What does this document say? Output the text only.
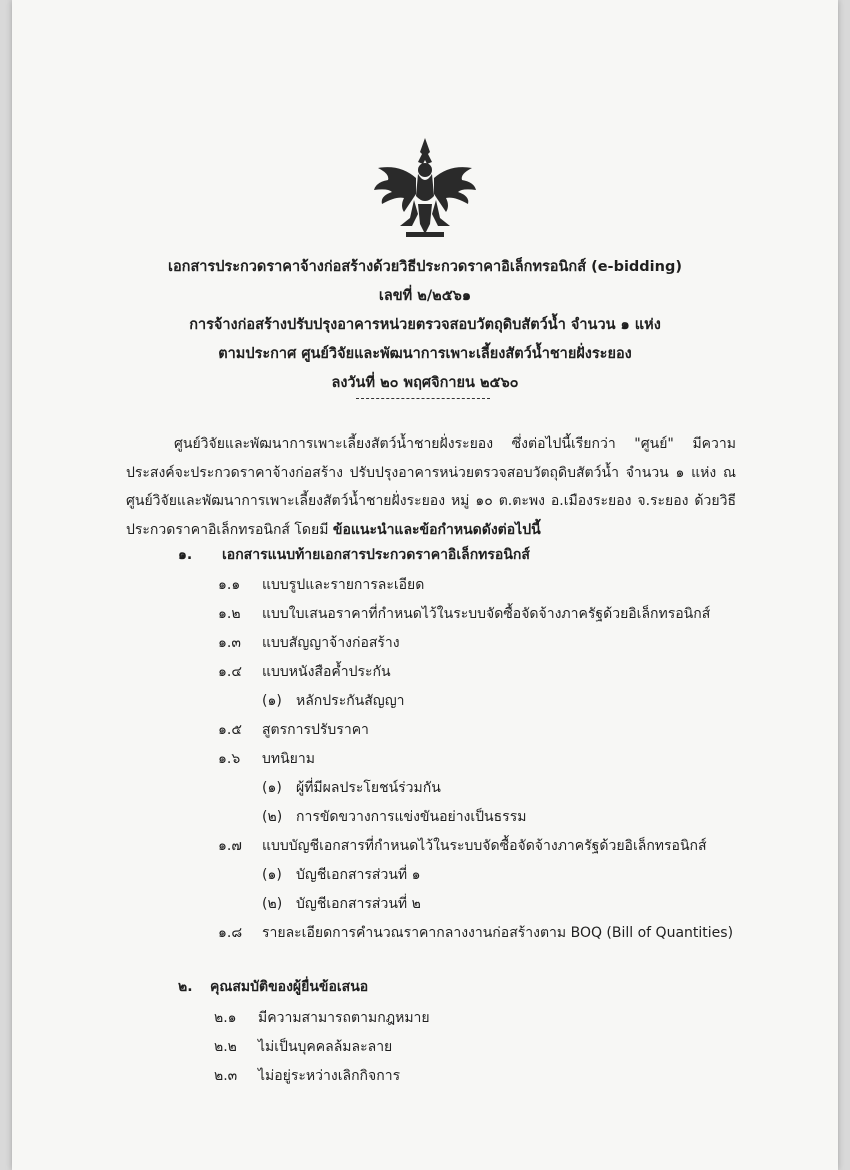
เอกสารประกวดราคาจ้างก่อสร้างด้วยวิธีประกวดราคาอิเล็กทรอนิกส์ (e-bidding)
เลขที่ ๒/๒๕๖๑
การจ้างก่อสร้างปรับปรุงอาคารหน่วยตรวจสอบวัตถุดิบสัตว์น้ำ จำนวน ๑ แห่ง
ตามประกาศ ศูนย์วิจัยและพัฒนาการเพาะเลี้ยงสัตว์น้ำชายฝั่งระยอง
ลงวันที่ ๒๐ พฤศจิกายน ๒๕๖๐
ศูนย์วิจัยและพัฒนาการเพาะเลี้ยงสัตว์น้ำชายฝั่งระยอง ซึ่งต่อไปนี้เรียกว่า "ศูนย์" มีความประสงค์จะประกวดราคาจ้างก่อสร้าง ปรับปรุงอาคารหน่วยตรวจสอบวัตถุดิบสัตว์น้ำ จำนวน ๑ แห่ง ณ ศูนย์วิจัยและพัฒนาการเพาะเลี้ยงสัตว์น้ำชายฝั่งระยอง หมู่ ๑๐ ต.ตะพง อ.เมืองระยอง จ.ระยอง ด้วยวิธีประกวดราคาอิเล็กทรอนิกส์ โดยมี ข้อแนะนำและข้อกำหนดดังต่อไปนี้
๑. เอกสารแนบท้ายเอกสารประกวดราคาอิเล็กทรอนิกส์
๑.๑ แบบรูปและรายการละเอียด
๑.๒ แบบใบเสนอราคาที่กำหนดไว้ในระบบจัดซื้อจัดจ้างภาครัฐด้วยอิเล็กทรอนิกส์
๑.๓ แบบสัญญาจ้างก่อสร้าง
๑.๔ แบบหนังสือค้ำประกัน
(๑) หลักประกันสัญญา
๑.๕ สูตรการปรับราคา
๑.๖ บทนิยาม
(๑) ผู้ที่มีผลประโยชน์ร่วมกัน
(๒) การขัดขวางการแข่งขันอย่างเป็นธรรม
๑.๗ แบบบัญชีเอกสารที่กำหนดไว้ในระบบจัดซื้อจัดจ้างภาครัฐด้วยอิเล็กทรอนิกส์
(๑) บัญชีเอกสารส่วนที่ ๑
(๒) บัญชีเอกสารส่วนที่ ๒
๑.๘ รายละเอียดการคำนวณราคากลางงานก่อสร้างตาม BOQ (Bill of Quantities)
๒. คุณสมบัติของผู้ยื่นข้อเสนอ
๒.๑ มีความสามารถตามกฎหมาย
๒.๒ ไม่เป็นบุคคลล้มละลาย
๒.๓ ไม่อยู่ระหว่างเลิกกิจการ
